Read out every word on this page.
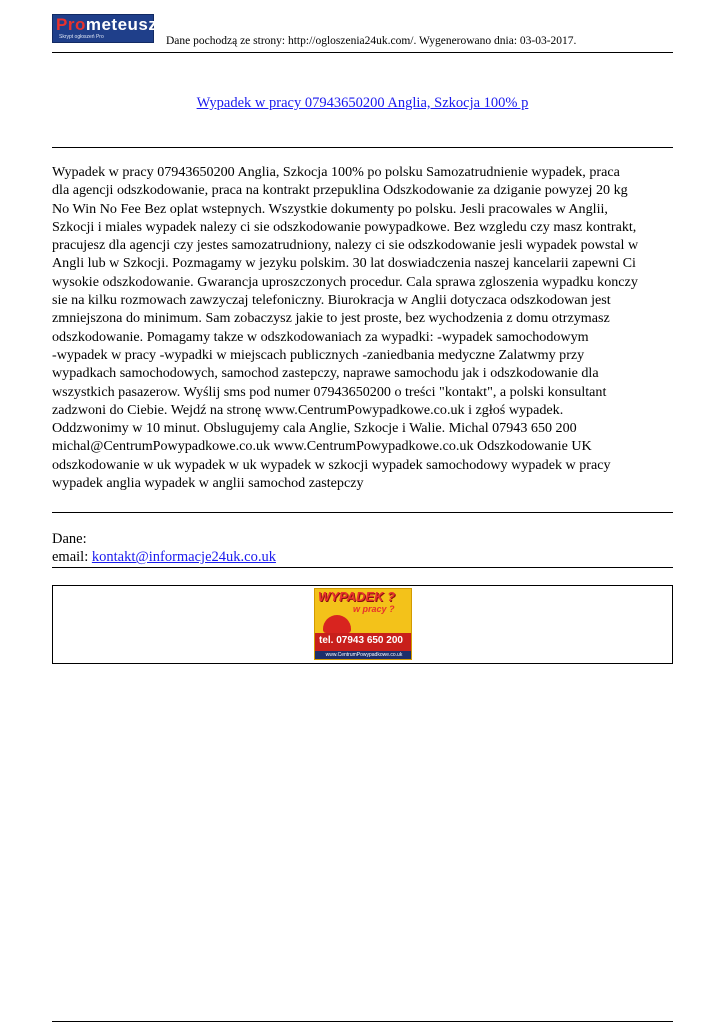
Prometeusz
Skrypt ogłoszeń Pro	Dane pochodzą ze strony: http://ogloszenia24uk.com/. Wygenerowano dnia: 03-03-2017.
Wypadek w pracy 07943650200 Anglia, Szkocja 100% p
Wypadek w pracy 07943650200 Anglia, Szkocja 100% po polsku Samozatrudnienie wypadek, praca
dla agencji odszkodowanie, praca na kontrakt przepuklina Odszkodowanie za dziganie powyzej 20 kg
No Win No Fee Bez oplat wstepnych. Wszystkie dokumenty po polsku. Jesli pracowales w Anglii,
Szkocji i miales wypadek nalezy ci sie odszkodowanie powypadkowe. Bez wzgledu czy masz kontrakt,
pracujesz dla agencji czy jestes samozatrudniony, nalezy ci sie odszkodowanie jesli wypadek powstal w
Angli lub w Szkocji. Pozmagamy w jezyku polskim. 30 lat doswiadczenia naszej kancelarii zapewni Ci
wysokie odszkodowanie. Gwarancja uproszczonych procedur. Cala sprawa zgloszenia wypadku konczy
sie na kilku rozmowach zawzyczaj telefoniczny. Biurokracja w Anglii dotyczaca odszkodowan jest
zmniejszona do minimum. Sam zobaczysz jakie to jest proste, bez wychodzenia z domu otrzymasz
odszkodowanie. Pomagamy takze w odszkodowaniach za wypadki: -wypadek samochodowym
-wypadek w pracy -wypadki w miejscach publicznych -zaniedbania medyczne Zalatwmy przy
wypadkach samochodowych, samochod zastepczy, naprawe samochodu jak i odszkodowanie dla
wszystkich pasazerow. Wyślij sms pod numer 07943650200 o treści "kontakt", a polski konsultant
zadzwoni do Ciebie. Wejdź na stronę www.CentrumPowypadkowe.co.uk i zgłoś wypadek.
Oddzwonimy w 10 minut. Obslugujemy cala Anglie, Szkocje i Walie. Michal 07943 650 200
michal@CentrumPowypadkowe.co.uk www.CentrumPowypadkowe.co.uk Odszkodowanie UK
odszkodowanie w uk wypadek w uk wypadek w szkocji wypadek samochodowy wypadek w pracy
wypadek anglia wypadek w anglii samochod zastepczy
Dane:
email: kontakt@informacje24uk.co.uk
WYPADEK ?
w pracy ?
tel. 07943 650 200
www.CentrumPowypadkowe.co.uk
